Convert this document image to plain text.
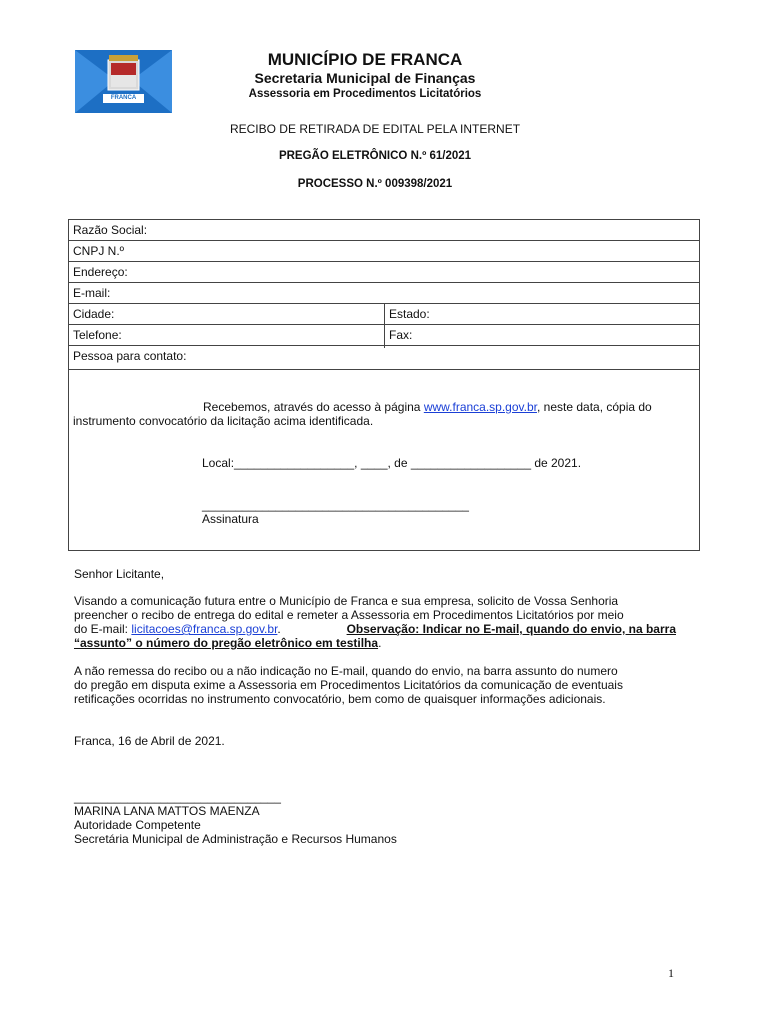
FRANCA
MUNICÍPIO DE FRANCA
Secretaria Municipal de Finanças
Assessoria em Procedimentos Licitatórios
RECIBO DE RETIRADA DE EDITAL PELA INTERNET
PREGÃO ELETRÔNICO N.º 61/2021
PROCESSO N.º 009398/2021
Razão Social:
CNPJ N.º
Endereço:
E-mail:
Cidade:	Estado:
Telefone:	Fax:
Pessoa para contato:
Recebemos, através do acesso à página www.franca.sp.gov.br, neste data, cópia do
instrumento convocatório da licitação acima identificada.
Local:__________________, ____, de __________________ de 2021.
________________________________________
Assinatura
Senhor Licitante,
Visando a comunicação futura entre o Município de Franca e sua empresa, solicito de Vossa Senhoria
preencher o recibo de entrega do edital e remeter a Assessoria em Procedimentos Licitatórios por meio
do E-mail: licitacoes@franca.sp.gov.br.	Observação: Indicar no E-mail, quando do envio, na barra
“assunto” o número do pregão eletrônico em testilha.
A não remessa do recibo ou a não indicação no E-mail, quando do envio, na barra assunto do numero
do pregão em disputa exime a Assessoria em Procedimentos Licitatórios da comunicação de eventuais
retificações ocorridas no instrumento convocatório, bem como de quaisquer informações adicionais.
Franca, 16 de Abril de 2021.
_______________________________
MARINA LANA MATTOS MAENZA
Autoridade Competente
Secretária Municipal de Administração e Recursos Humanos
1
